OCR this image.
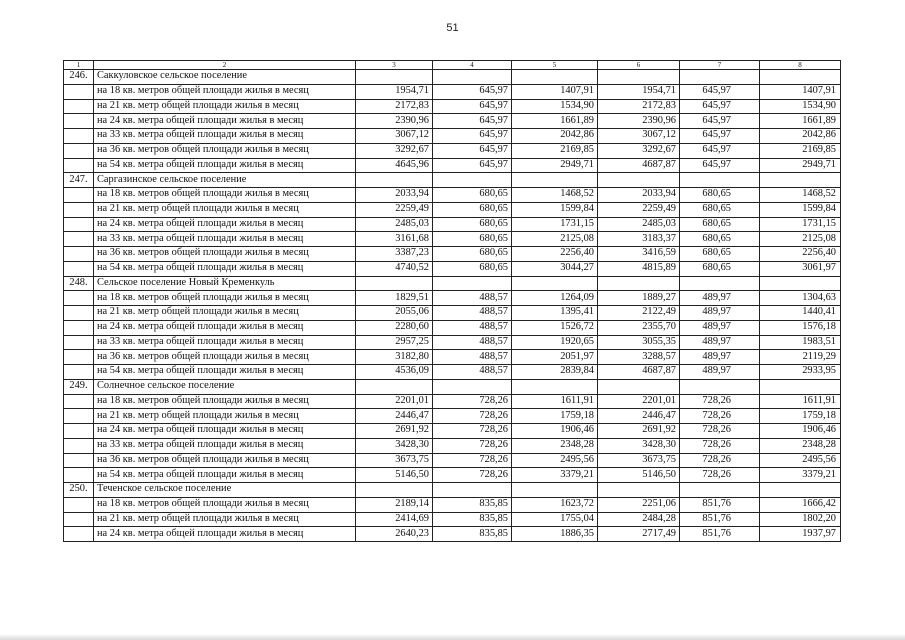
51
1	2	3	4	5	6	7	8
246.	Саккуловское сельское поселение						
	на 18 кв. метров общей площади жилья в месяц	1954,71	645,97	1407,91	1954,71	645,97	1407,91
	на 21 кв. метр общей площади жилья в месяц	2172,83	645,97	1534,90	2172,83	645,97	1534,90
	на 24 кв. метра общей площади жилья в месяц	2390,96	645,97	1661,89	2390,96	645,97	1661,89
	на 33 кв. метра общей площади жилья в месяц	3067,12	645,97	2042,86	3067,12	645,97	2042,86
	на 36 кв. метров общей площади жилья в месяц	3292,67	645,97	2169,85	3292,67	645,97	2169,85
	на 54 кв. метра общей площади жилья в месяц	4645,96	645,97	2949,71	4687,87	645,97	2949,71
247.	Саргазинское сельское поселение						
	на 18 кв. метров общей площади жилья в месяц	2033,94	680,65	1468,52	2033,94	680,65	1468,52
	на 21 кв. метр общей площади жилья в месяц	2259,49	680,65	1599,84	2259,49	680,65	1599,84
	на 24 кв. метра общей площади жилья в месяц	2485,03	680,65	1731,15	2485,03	680,65	1731,15
	на 33 кв. метра общей площади жилья в месяц	3161,68	680,65	2125,08	3183,37	680,65	2125,08
	на 36 кв. метров общей площади жилья в месяц	3387,23	680,65	2256,40	3416,59	680,65	2256,40
	на 54 кв. метра общей площади жилья в месяц	4740,52	680,65	3044,27	4815,89	680,65	3061,97
248.	Сельское поселение Новый Кременкуль						
	на 18 кв. метров общей площади жилья в месяц	1829,51	488,57	1264,09	1889,27	489,97	1304,63
	на 21 кв. метр общей площади жилья в месяц	2055,06	488,57	1395,41	2122,49	489,97	1440,41
	на 24 кв. метра общей площади жилья в месяц	2280,60	488,57	1526,72	2355,70	489,97	1576,18
	на 33 кв. метра общей площади жилья в месяц	2957,25	488,57	1920,65	3055,35	489,97	1983,51
	на 36 кв. метров общей площади жилья в месяц	3182,80	488,57	2051,97	3288,57	489,97	2119,29
	на 54 кв. метра общей площади жилья в месяц	4536,09	488,57	2839,84	4687,87	489,97	2933,95
249.	Солнечное сельское поселение						
	на 18 кв. метров общей площади жилья в месяц	2201,01	728,26	1611,91	2201,01	728,26	1611,91
	на 21 кв. метр общей площади жилья в месяц	2446,47	728,26	1759,18	2446,47	728,26	1759,18
	на 24 кв. метра общей площади жилья в месяц	2691,92	728,26	1906,46	2691,92	728,26	1906,46
	на 33 кв. метра общей площади жилья в месяц	3428,30	728,26	2348,28	3428,30	728,26	2348,28
	на 36 кв. метров общей площади жилья в месяц	3673,75	728,26	2495,56	3673,75	728,26	2495,56
	на 54 кв. метра общей площади жилья в месяц	5146,50	728,26	3379,21	5146,50	728,26	3379,21
250.	Теченское сельское поселение						
	на 18 кв. метров общей площади жилья в месяц	2189,14	835,85	1623,72	2251,06	851,76	1666,42
	на 21 кв. метр общей площади жилья в месяц	2414,69	835,85	1755,04	2484,28	851,76	1802,20
	на 24 кв. метра общей площади жилья в месяц	2640,23	835,85	1886,35	2717,49	851,76	1937,97
